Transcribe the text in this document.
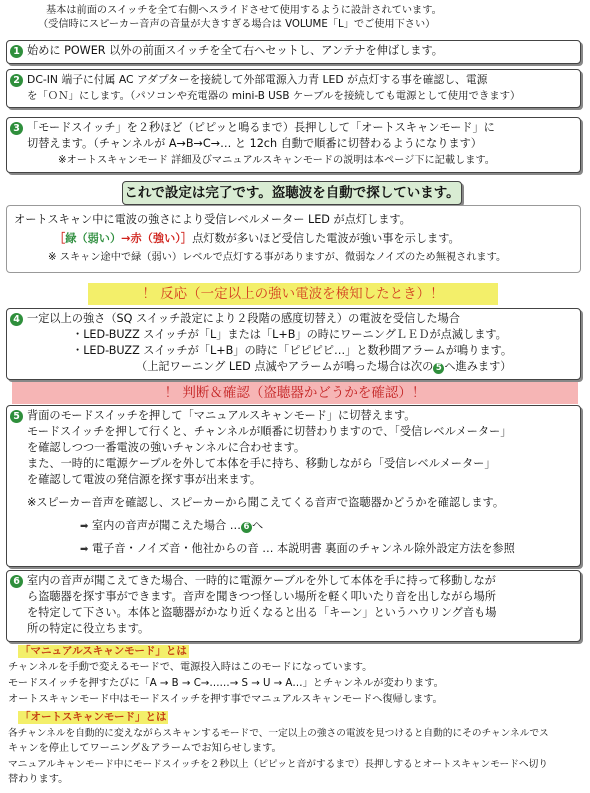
基本は前面のスイッチを全て右側へスライドさせて使用するように設計されています。
（受信時にスピーカー音声の音量が大きすぎる場合は VOLUME「L」でご使用下さい）
1 始めに POWER 以外の前面スイッチを全て右へセットし、アンテナを伸ばします。
2 DC-IN 端子に付属 AC アダプターを接続して外部電源入力青 LED が点灯する事を確認し、電源
を「ＯＮ」にします。（パソコンや充電器の mini-B USB ケーブルを接続しても電源として使用できます）
3 「モードスイッチ」を２秒ほど（ピピッと鳴るまで）長押しして「オートスキャンモード」に
切替えます。（チャンネルが A→B→C→… と 12ch 自動で順番に切替わるようになります）
※オートスキャンモード 詳細及びマニュアルスキャンモードの説明は本ページ下に記載します。
これで設定は完了です。盗聴波を自動で探しています。
オートスキャン中に電波の強さにより受信レベルメーター LED が点灯します。
［緑（弱い）→赤（強い）］点灯数が多いほど受信した電波が強い事を示します。
※ スキャン途中で緑（弱い）レベルで点灯する事がありますが、微弱なノイズのため無視されます。
！ 反応（一定以上の強い電波を検知したとき）！
4 一定以上の強さ（SQ スイッチ設定により２段階の感度切替え）の電波を受信した場合
・LED-BUZZ スイッチが「L」または「L+B」の時にワーニングＬＥＤが点滅します。
・LED-BUZZ スイッチが「L+B」の時に「ピピピピ…」と数秒間アラームが鳴ります。
（上記ワーニング LED 点滅やアラームが鳴った場合は次の 5 へ進みます）
！ 判断＆確認（盗聴器かどうかを確認）！
5 背面のモードスイッチを押して「マニュアルスキャンモード」に切替えます。
モードスイッチを押して行くと、チャンネルが順番に切替わりますので、「受信レベルメーター」
を確認しつつ一番電波の強いチャンネルに合わせます。
また、一時的に電源ケーブルを外して本体を手に持ち、移動しながら「受信レベルメーター」
を確認して電波の発信源を探す事が出来ます。
※スピーカー音声を確認し、スピーカーから聞こえてくる音声で盗聴器かどうかを確認します。
➡ 室内の音声が聞こえた場合 … 6 へ
➡ 電子音・ノイズ音・他社からの音 … 本説明書 裏面のチャンネル除外設定方法を参照
6 室内の音声が聞こえてきた場合、一時的に電源ケーブルを外して本体を手に持って移動しなが
ら盗聴器を探す事ができます。音声を聞きつつ怪しい場所を軽く叩いたり音を出しながら場所
を特定して下さい。本体と盗聴器がかなり近くなると出る「キーン」というハウリング音も場
所の特定に役立ちます。
「マニュアルスキャンモード」とは
チャンネルを手動で変えるモードで、電源投入時はこのモードになっています。
モードスイッチを押すたびに「A → B → C→……→ S → U → A…」とチャンネルが変わります。
オートスキャンモード中はモードスイッチを押す事でマニュアルスキャンモードへ復帰します。
「オートスキャンモード」とは
各チャンネルを自動的に変えながらスキャンするモードで、一定以上の強さの電波を見つけると自動的にそのチャンネルでス
キャンを停止してワーニング＆アラームでお知らせします。
マニュアルキャンモード中にモードスイッチを２秒以上（ピピッと音がするまで）長押しするとオートスキャンモードへ切り
替わります。
